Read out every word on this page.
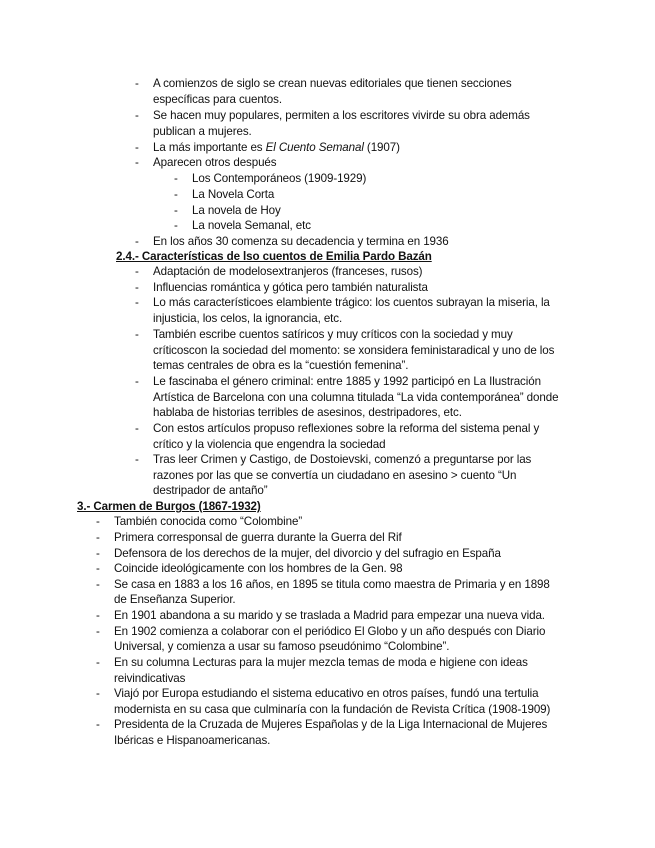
- A comienzos de siglo se crean nuevas editoriales que tienen secciones
específicas para cuentos.
- Se hacen muy populares, permiten a los escritores vivirde su obra además
publican a mujeres.
- La más importante es El Cuento Semanal (1907)
- Aparecen otros después
- Los Contemporáneos (1909-1929)
- La Novela Corta
- La novela de Hoy
- La novela Semanal, etc
- En los años 30 comenza su decadencia y termina en 1936
2.4.- Características de lso cuentos de Emilia Pardo Bazán
- Adaptación de modelosextranjeros (franceses, rusos)
- Influencias romántica y gótica pero también naturalista
- Lo más característicoes elambiente trágico: los cuentos subrayan la miseria, la
injusticia, los celos, la ignorancia, etc.
- También escribe cuentos satíricos y muy críticos con la sociedad y muy
críticoscon la sociedad del momento: se xonsidera feministaradical y uno de los
temas centrales de obra es la “cuestión femenina”.
- Le fascinaba el género criminal: entre 1885 y 1992 participó en La Ilustración
Artística de Barcelona con una columna titulada “La vida contemporánea” donde
hablaba de historias terribles de asesinos, destripadores, etc.
- Con estos artículos propuso reflexiones sobre la reforma del sistema penal y
crítico y la violencia que engendra la sociedad
- Tras leer Crimen y Castigo, de Dostoievski, comenzó a preguntarse por las
razones por las que se convertía un ciudadano en asesino > cuento “Un
destripador de antaño”
3.- Carmen de Burgos (1867-1932)
- También conocida como “Colombine”
- Primera corresponsal de guerra durante la Guerra del Rif
- Defensora de los derechos de la mujer, del divorcio y del sufragio en España
- Coincide ideológicamente con los hombres de la Gen. 98
- Se casa en 1883 a los 16 años, en 1895 se titula como maestra de Primaria y en 1898
de Enseñanza Superior.
- En 1901 abandona a su marido y se traslada a Madrid para empezar una nueva vida.
- En 1902 comienza a colaborar con el periódico El Globo y un año después con Diario
Universal, y comienza a usar su famoso pseudónimo “Colombine”.
- En su columna Lecturas para la mujer mezcla temas de moda e higiene con ideas
reivindicativas
- Viajó por Europa estudiando el sistema educativo en otros países, fundó una tertulia
modernista en su casa que culminaría con la fundación de Revista Crítica (1908-1909)
- Presidenta de la Cruzada de Mujeres Españolas y de la Liga Internacional de Mujeres
Ibéricas e Hispanoamericanas.
